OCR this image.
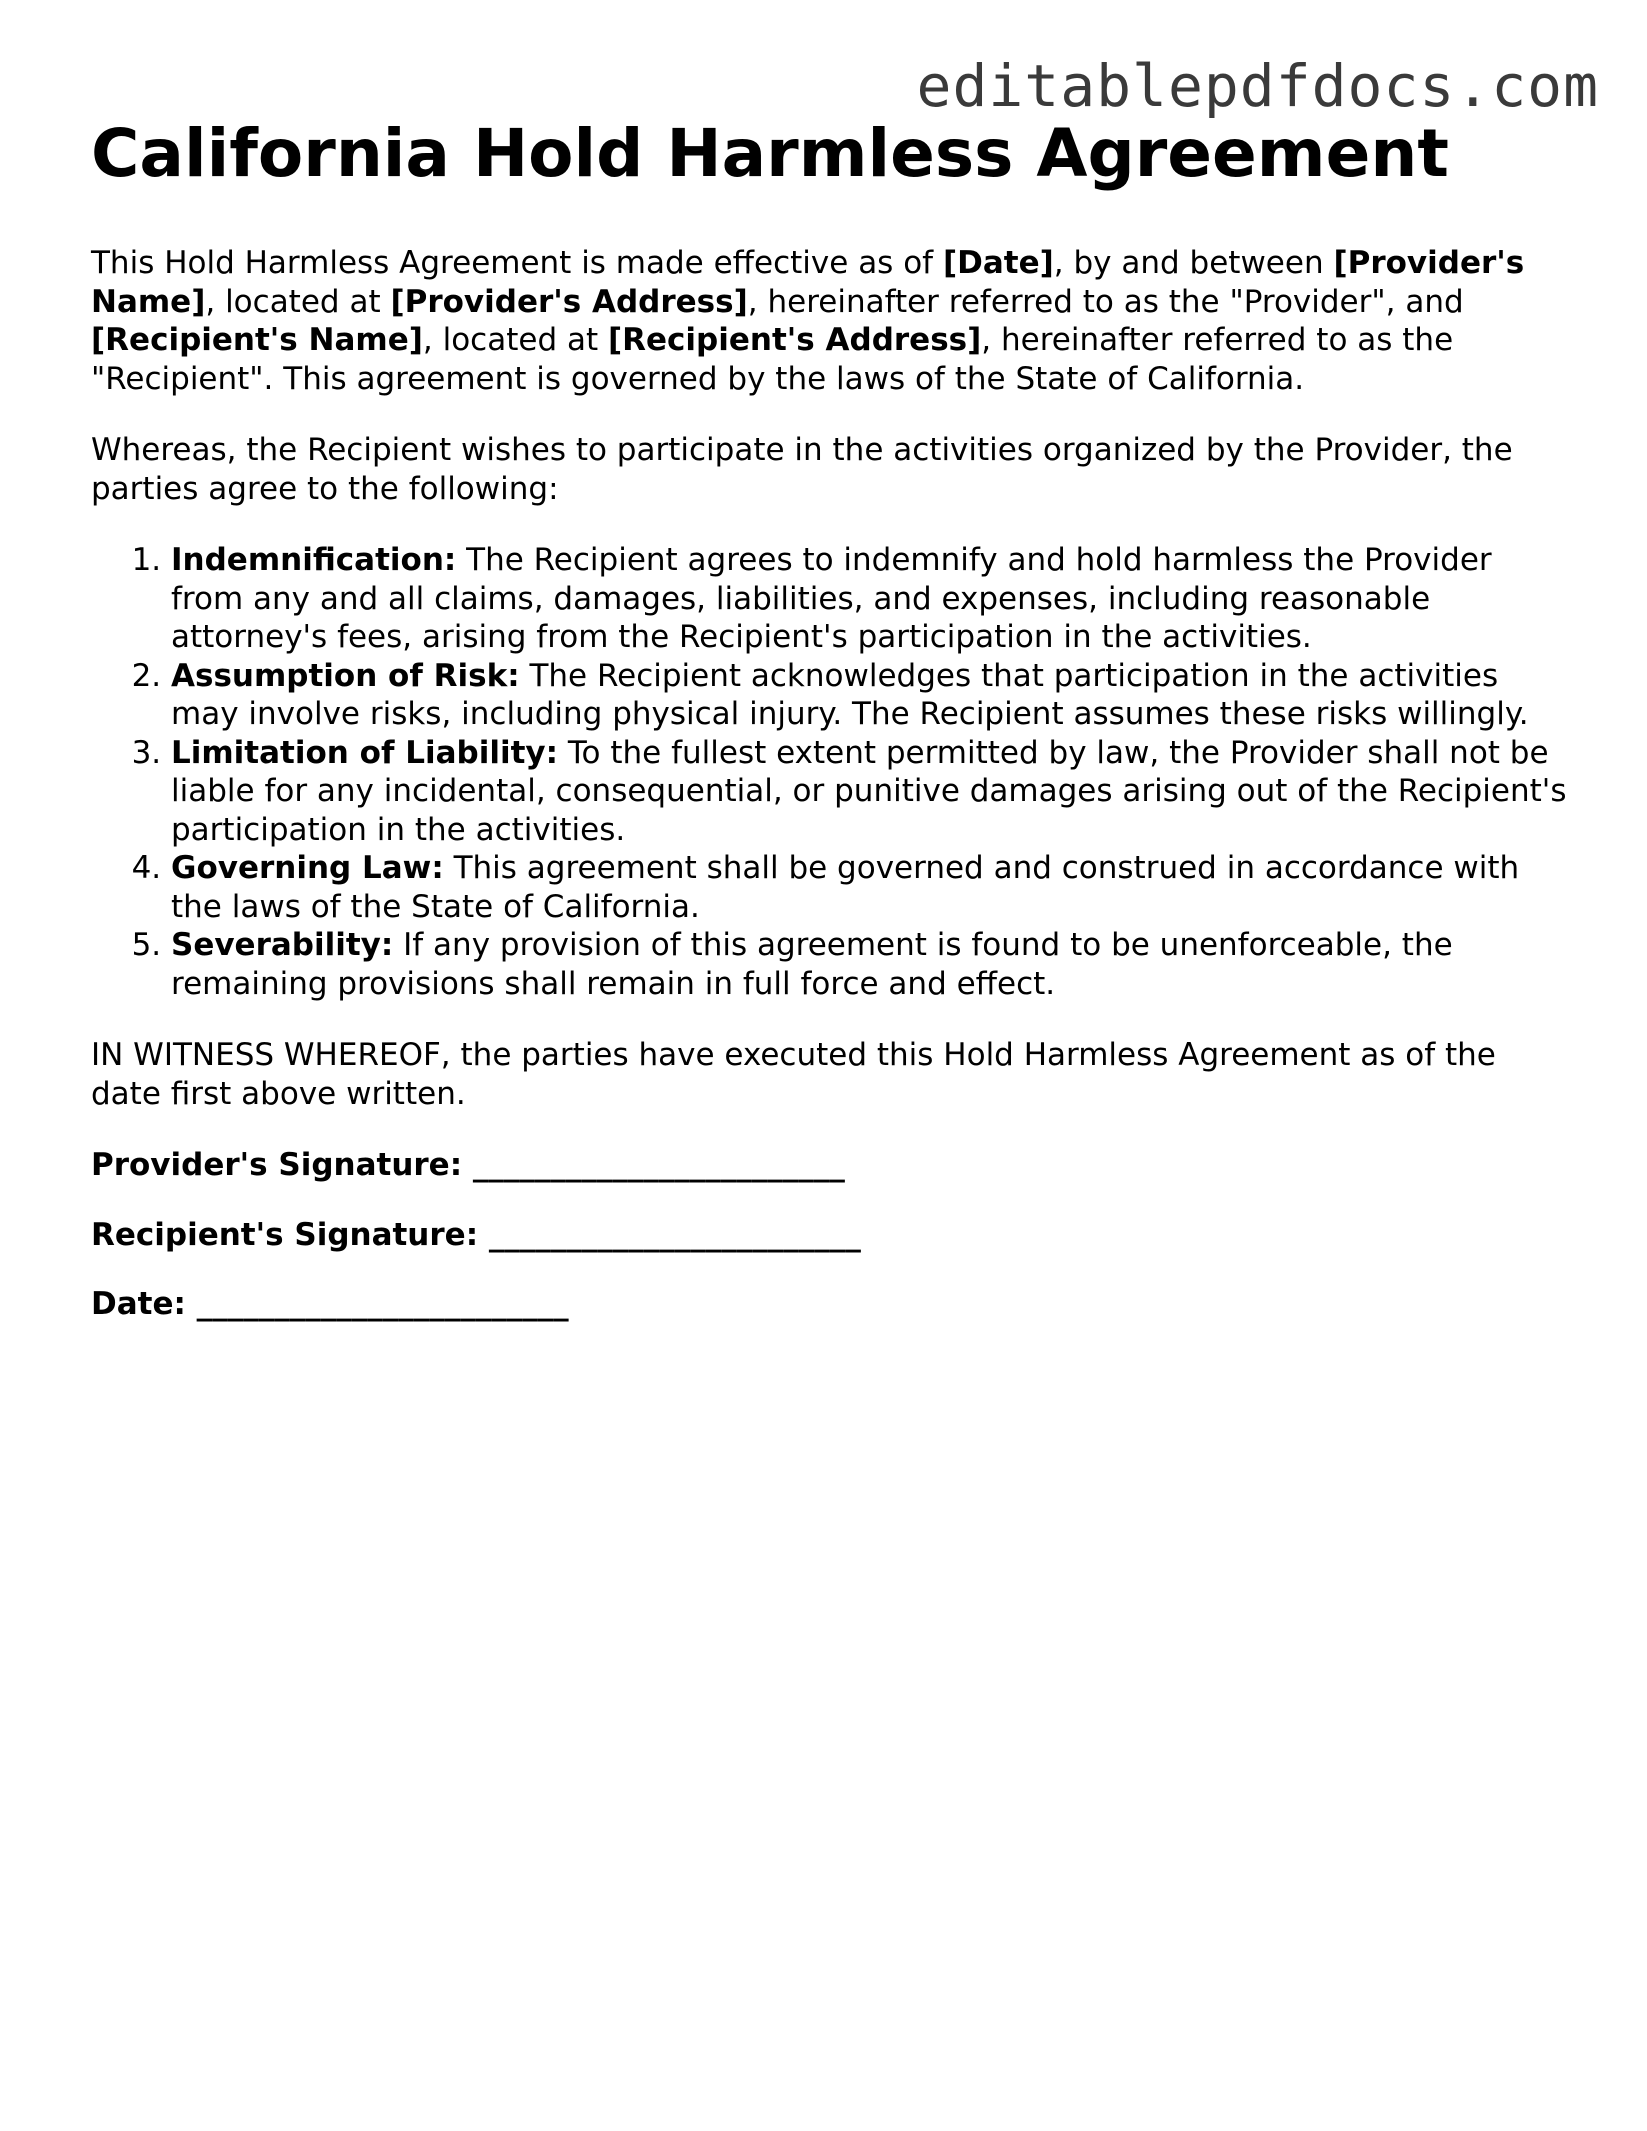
editablepdfdocs.com
California Hold Harmless Agreement

This Hold Harmless Agreement is made effective as of [Date], by and between [Provider's Name], located at [Provider's Address], hereinafter referred to as the "Provider", and [Recipient's Name], located at [Recipient's Address], hereinafter referred to as the "Recipient". This agreement is governed by the laws of the State of California.

Whereas, the Recipient wishes to participate in the activities organized by the Provider, the parties agree to the following:

1. Indemnification: The Recipient agrees to indemnify and hold harmless the Provider from any and all claims, damages, liabilities, and expenses, including reasonable attorney's fees, arising from the Recipient's participation in the activities.
2. Assumption of Risk: The Recipient acknowledges that participation in the activities may involve risks, including physical injury. The Recipient assumes these risks willingly.
3. Limitation of Liability: To the fullest extent permitted by law, the Provider shall not be liable for any incidental, consequential, or punitive damages arising out of the Recipient's participation in the activities.
4. Governing Law: This agreement shall be governed and construed in accordance with the laws of the State of California.
5. Severability: If any provision of this agreement is found to be unenforceable, the remaining provisions shall remain in full force and effect.

IN WITNESS WHEREOF, the parties have executed this Hold Harmless Agreement as of the date first above written.

Provider's Signature: ________________________
Recipient's Signature: ________________________
Date: ________________________
